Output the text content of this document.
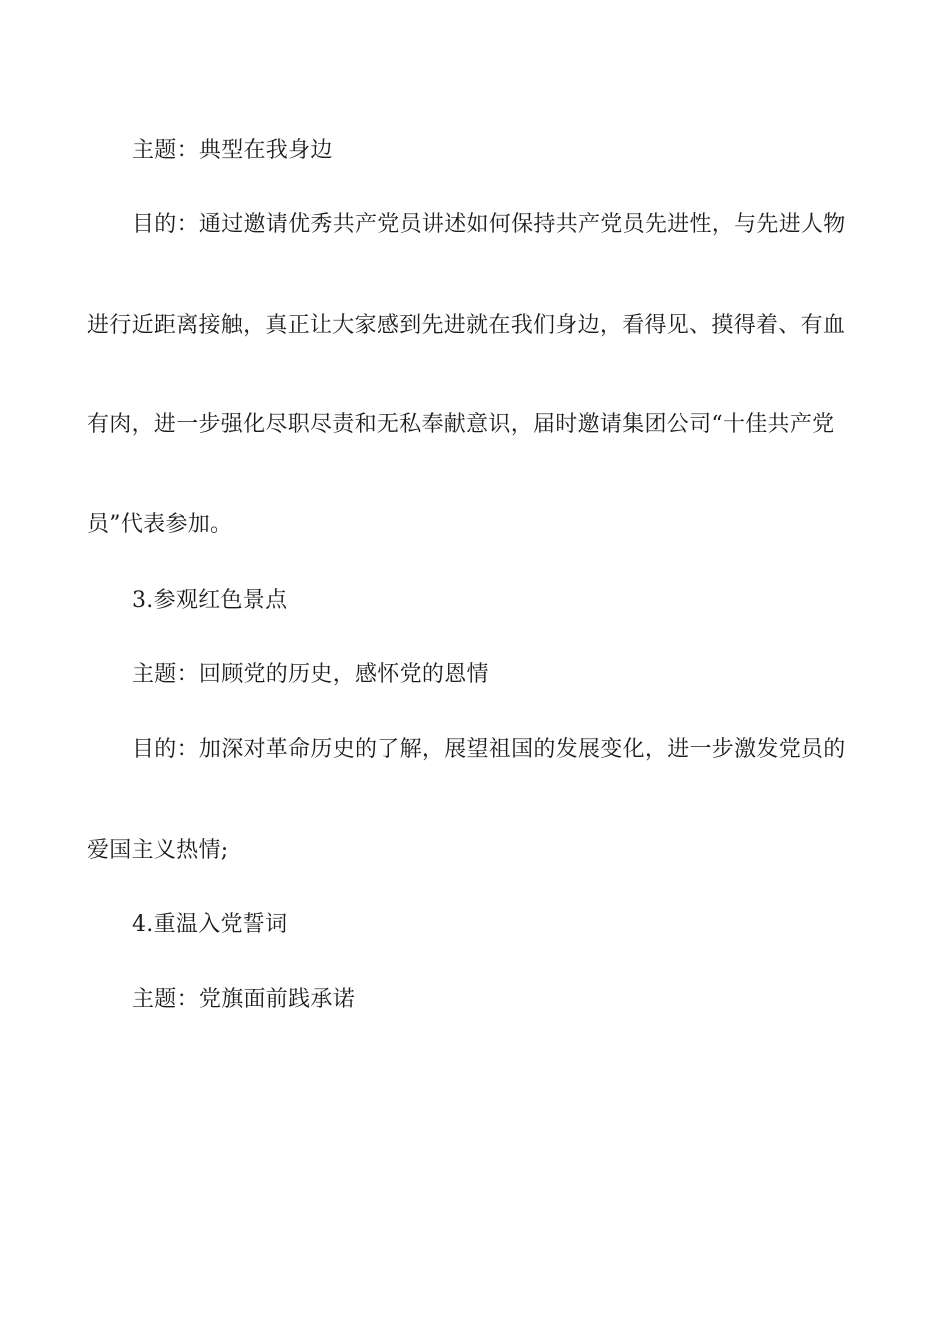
主题：典型在我身边
目的：通过邀请优秀共产党员讲述如何保持共产党员先进性，与先进人物
进行近距离接触，真正让大家感到先进就在我们身边，看得见、摸得着、有血
有肉，进一步强化尽职尽责和无私奉献意识，届时邀请集团公司“十佳共产党
员”代表参加。
3.参观红色景点
主题：回顾党的历史，感怀党的恩情
目的：加深对革命历史的了解，展望祖国的发展变化，进一步激发党员的
爱国主义热情;
4.重温入党誓词
主题：党旗面前践承诺
